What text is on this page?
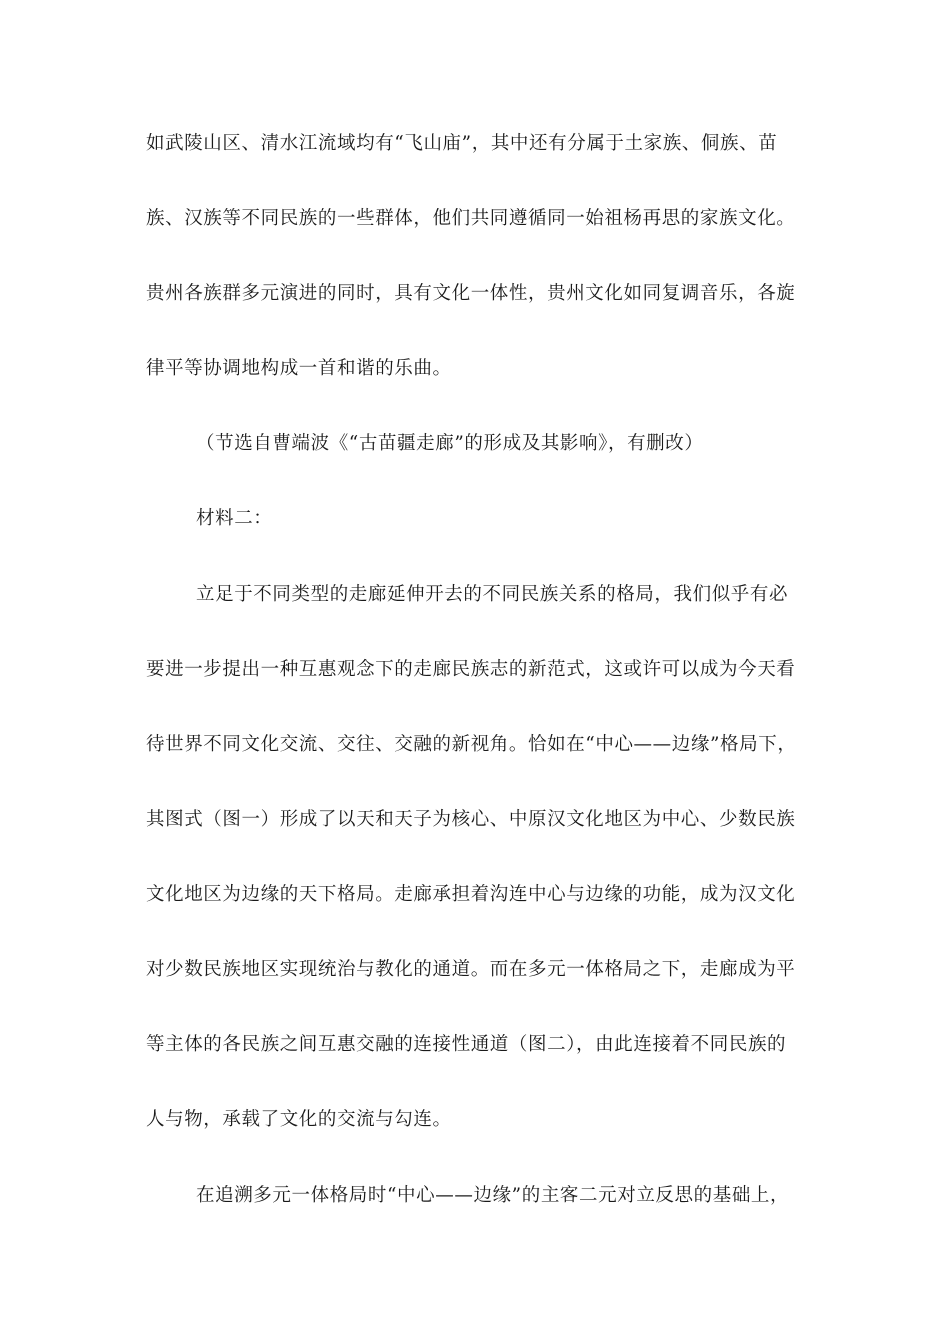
如武陵山区、清水江流域均有“飞山庙”，其中还有分属于土家族、侗族、苗
族、汉族等不同民族的一些群体，他们共同遵循同一始祖杨再思的家族文化。
贵州各族群多元演进的同时，具有文化一体性，贵州文化如同复调音乐，各旋
律平等协调地构成一首和谐的乐曲。
（节选自曹端波《“古苗疆走廊”的形成及其影响》，有删改）
材料二：
立足于不同类型的走廊延伸开去的不同民族关系的格局，我们似乎有必
要进一步提出一种互惠观念下的走廊民族志的新范式，这或许可以成为今天看
待世界不同文化交流、交往、交融的新视角。恰如在“中心——边缘”格局下，
其图式（图一）形成了以天和天子为核心、中原汉文化地区为中心、少数民族
文化地区为边缘的天下格局。走廊承担着沟连中心与边缘的功能，成为汉文化
对少数民族地区实现统治与教化的通道。而在多元一体格局之下，走廊成为平
等主体的各民族之间互惠交融的连接性通道（图二），由此连接着不同民族的
人与物，承载了文化的交流与勾连。
在追溯多元一体格局时“中心——边缘”的主客二元对立反思的基础上，
